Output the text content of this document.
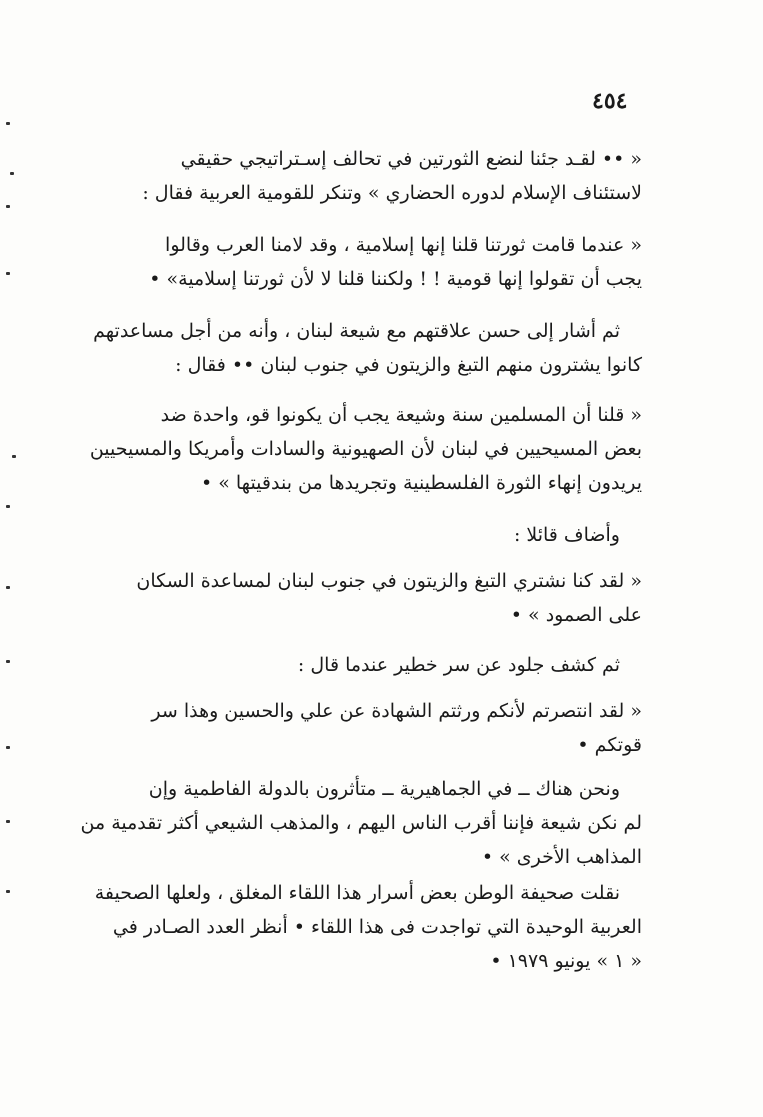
٤٥٤

« •• لقـد جئنا لنضع الثورتين في تحالف إسـتراتيجي حقيقي

لاستئناف الإسلام لدوره الحضاري » وتنكر للقومية العربية فقال :

« عندما قامت ثورتنا قلنا إنها إسلامية ، وقد لامنا العرب وقالوا

يجب أن تقولوا إنها قومية ! ! ولكننا قلنا لا لأن ثورتنا إسلامية» •

ثم أشار إلى حسن علاقتهم مع شيعة لبنان ، وأنه من أجل مساعدتهم

كانوا يشترون منهم التبغ والزيتون في جنوب لبنان •• فقال :

« قلنا أن المسلمين سنة وشيعة يجب أن يكونوا قو، واحدة ضد

بعض المسيحيين في لبنان لأن الصهيونية والسادات وأمريكا والمسيحيين

يريدون إنهاء الثورة الفلسطينية وتجريدها من بندقيتها » •

وأضاف قائلا :

« لقد كنا نشتري التبغ والزيتون في جنوب لبنان لمساعدة السكان

على الصمود » •

ثم كشف جلود عن سر خطير عندما قال :

« لقد انتصرتم لأنكم ورثتم الشهادة عن علي والحسين وهذا سر

قوتكم •

ونحن هناك ــ في الجماهيرية ــ متأثرون بالدولة الفاطمية وإن

لم نكن شيعة فإننا أقرب الناس اليهم ، والمذهب الشيعي أكثر تقدمية من

المذاهب الأخرى » •

نقلت صحيفة الوطن بعض أسرار هذا اللقاء المغلق ، ولعلها الصحيفة

العربية الوحيدة التي تواجدت فى هذا اللقاء • أنظر العدد الصـادر في

« ١ » يونيو ١٩٧٩ •
